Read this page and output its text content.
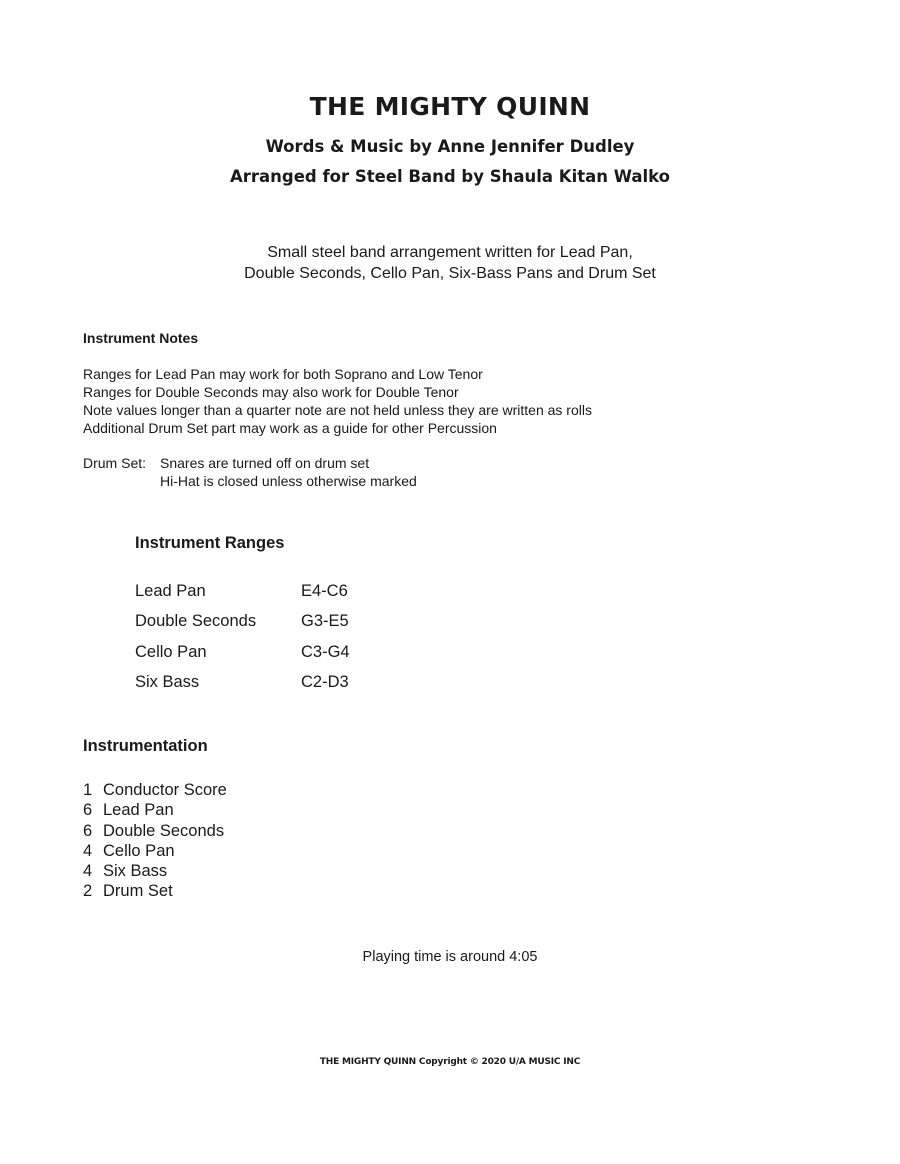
THE MIGHTY QUINN
Words & Music by Anne Jennifer Dudley
Arranged for Steel Band by Shaula Kitan Walko
Small steel band arrangement written for Lead Pan,
Double Seconds, Cello Pan, Six-Bass Pans and Drum Set
Instrument Notes
Ranges for Lead Pan may work for both Soprano and Low Tenor
Ranges for Double Seconds may also work for Double Tenor
Note values longer than a quarter note are not held unless they are written as rolls
Additional Drum Set part may work as a guide for other Percussion
Drum Set: Snares are turned off on drum set
Hi-Hat is closed unless otherwise marked
Instrument Ranges
Lead Pan	E4-C6
Double Seconds	G3-E5
Cello Pan	C3-G4
Six Bass	C2-D3
Instrumentation
1 Conductor Score
6 Lead Pan
6 Double Seconds
4 Cello Pan
4 Six Bass
2 Drum Set
Playing time is around 4:05
THE MIGHTY QUINN Copyright © 2020 U/A MUSIC INC
